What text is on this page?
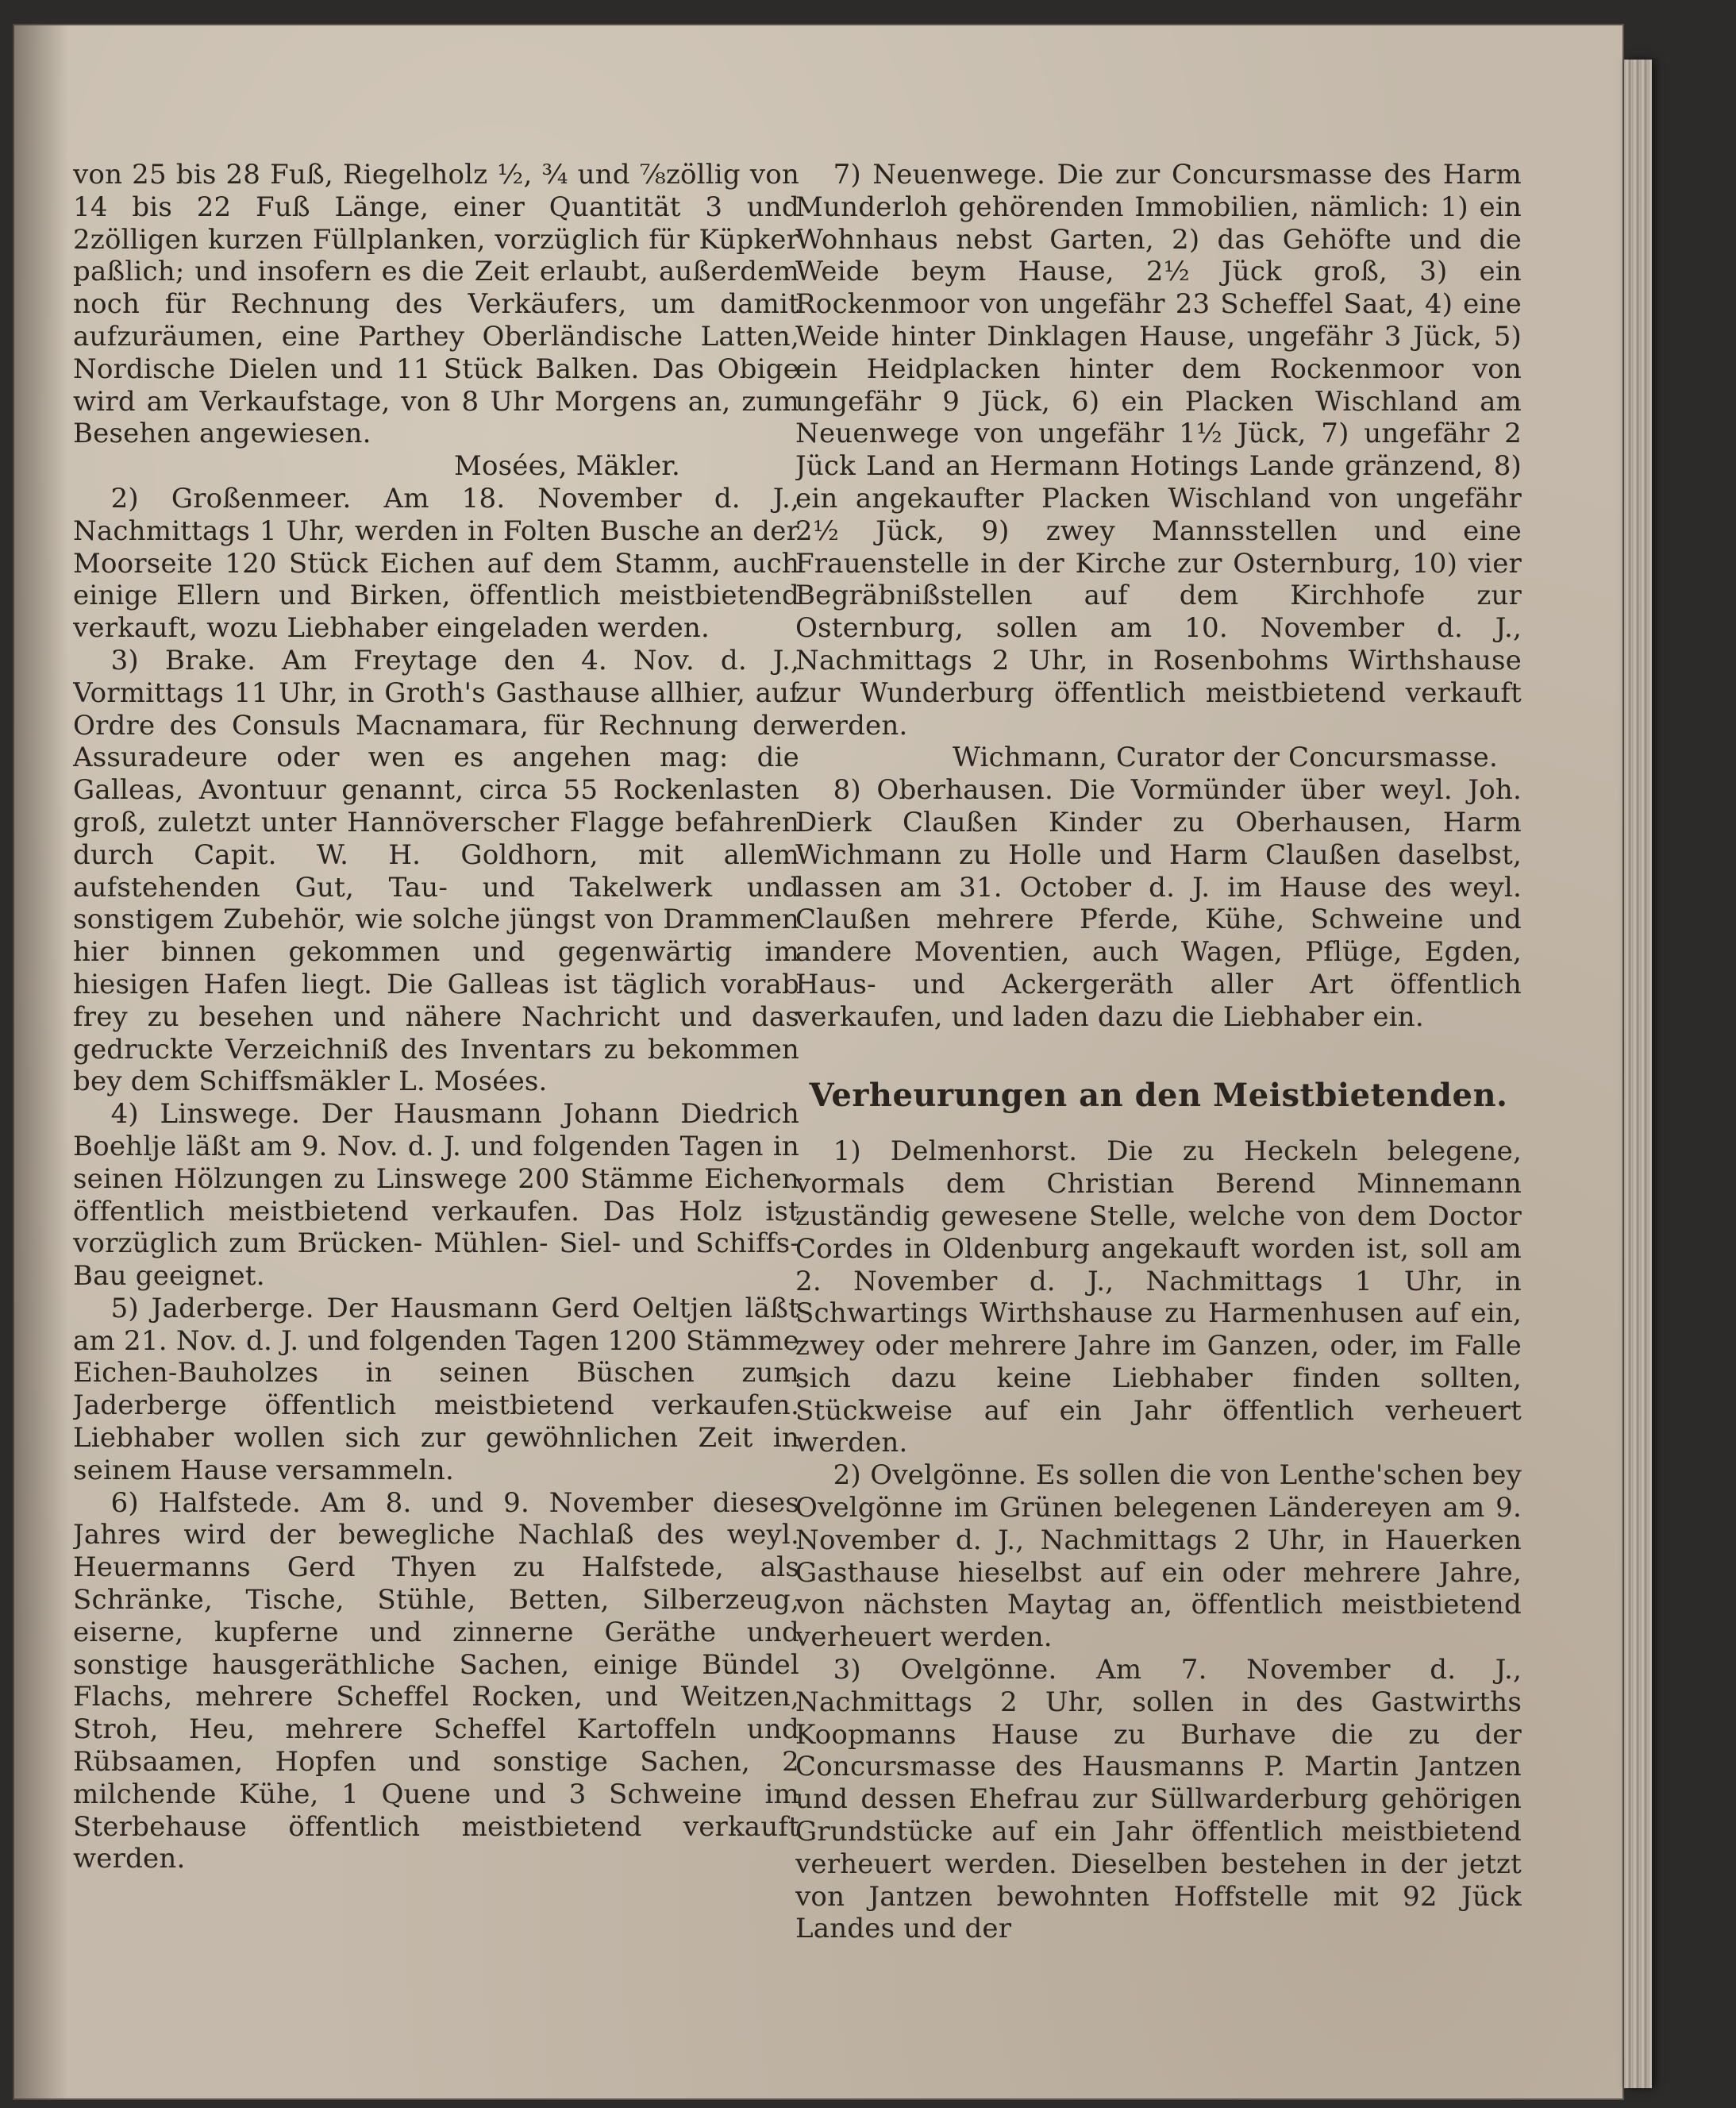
von 25 bis 28 Fuß, Riegelholz ½, ¾ und ⅞zöllig von 14 bis 22 Fuß Länge, einer Quantität 3 und 2zölligen kurzen Füllplanken, vorzüglich für Küpker paßlich; und insofern es die Zeit erlaubt, außerdem noch für Rechnung des Verkäufers, um damit aufzuräumen, eine Parthey Oberländische Latten, Nordische Dielen und 11 Stück Balken. Das Obige wird am Verkaufstage, von 8 Uhr Morgens an, zum Besehen angewiesen.

Mosées, Mäkler.

2) Großenmeer. Am 18. November d. J., Nachmittags 1 Uhr, werden in Folten Busche an der Moorseite 120 Stück Eichen auf dem Stamm, auch einige Ellern und Birken, öffentlich meistbietend verkauft, wozu Liebhaber eingeladen werden.

3) Brake. Am Freytage den 4. Nov. d. J., Vormittags 11 Uhr, in Groth's Gasthause allhier, auf Ordre des Consuls Macnamara, für Rechnung der Assuradeure oder wen es angehen mag: die Galleas, Avontuur genannt, circa 55 Rockenlasten groß, zuletzt unter Hannöverscher Flagge befahren durch Capit. W. H. Goldhorn, mit allem aufstehenden Gut, Tau- und Takelwerk und sonstigem Zubehör, wie solche jüngst von Drammen hier binnen gekommen und gegenwärtig im hiesigen Hafen liegt. Die Galleas ist täglich vorab frey zu besehen und nähere Nachricht und das gedruckte Verzeichniß des Inventars zu bekommen bey dem Schiffsmäkler L. Mosées.

4) Linswege. Der Hausmann Johann Diedrich Boehlje läßt am 9. Nov. d. J. und folgenden Tagen in seinen Hölzungen zu Linswege 200 Stämme Eichen öffentlich meistbietend verkaufen. Das Holz ist vorzüglich zum Brücken- Mühlen- Siel- und Schiffs-Bau geeignet.

5) Jaderberge. Der Hausmann Gerd Oeltjen läßt am 21. Nov. d. J. und folgenden Tagen 1200 Stämme Eichen-Bauholzes in seinen Büschen zum Jaderberge öffentlich meistbietend verkaufen. Liebhaber wollen sich zur gewöhnlichen Zeit in seinem Hause versammeln.

6) Halfstede. Am 8. und 9. November dieses Jahres wird der bewegliche Nachlaß des weyl. Heuermanns Gerd Thyen zu Halfstede, als Schränke, Tische, Stühle, Betten, Silberzeug, eiserne, kupferne und zinnerne Geräthe und sonstige hausgeräthliche Sachen, einige Bündel Flachs, mehrere Scheffel Rocken, und Weitzen, Stroh, Heu, mehrere Scheffel Kartoffeln und Rübsaamen, Hopfen und sonstige Sachen, 2 milchende Kühe, 1 Quene und 3 Schweine im Sterbehause öffentlich meistbietend verkauft werden.

7) Neuenwege. Die zur Concursmasse des Harm Munderloh gehörenden Immobilien, nämlich: 1) ein Wohnhaus nebst Garten, 2) das Gehöfte und die Weide beym Hause, 2½ Jück groß, 3) ein Rockenmoor von ungefähr 23 Scheffel Saat, 4) eine Weide hinter Dinklagen Hause, ungefähr 3 Jück, 5) ein Heidplacken hinter dem Rockenmoor von ungefähr 9 Jück, 6) ein Placken Wischland am Neuenwege von ungefähr 1½ Jück, 7) ungefähr 2 Jück Land an Hermann Hotings Lande gränzend, 8) ein angekaufter Placken Wischland von ungefähr 2½ Jück, 9) zwey Mannsstellen und eine Frauenstelle in der Kirche zur Osternburg, 10) vier Begräbnißstellen auf dem Kirchhofe zur Osternburg, sollen am 10. November d. J., Nachmittags 2 Uhr, in Rosenbohms Wirthshause zur Wunderburg öffentlich meistbietend verkauft werden.

Wichmann, Curator der Concursmasse.

8) Oberhausen. Die Vormünder über weyl. Joh. Dierk Claußen Kinder zu Oberhausen, Harm Wichmann zu Holle und Harm Claußen daselbst, lassen am 31. October d. J. im Hause des weyl. Claußen mehrere Pferde, Kühe, Schweine und andere Moventien, auch Wagen, Pflüge, Egden, Haus- und Ackergeräth aller Art öffentlich verkaufen, und laden dazu die Liebhaber ein.

Verheurungen an den Meistbietenden.

1) Delmenhorst. Die zu Heckeln belegene, vormals dem Christian Berend Minnemann zuständig gewesene Stelle, welche von dem Doctor Cordes in Oldenburg angekauft worden ist, soll am 2. November d. J., Nachmittags 1 Uhr, in Schwartings Wirthshause zu Harmenhusen auf ein, zwey oder mehrere Jahre im Ganzen, oder, im Falle sich dazu keine Liebhaber finden sollten, Stückweise auf ein Jahr öffentlich verheuert werden.

2) Ovelgönne. Es sollen die von Lenthe'schen bey Ovelgönne im Grünen belegenen Ländereyen am 9. November d. J., Nachmittags 2 Uhr, in Hauerken Gasthause hieselbst auf ein oder mehrere Jahre, von nächsten Maytag an, öffentlich meistbietend verheuert werden.

3) Ovelgönne. Am 7. November d. J., Nachmittags 2 Uhr, sollen in des Gastwirths Koopmanns Hause zu Burhave die zu der Concursmasse des Hausmanns P. Martin Jantzen und dessen Ehefrau zur Süllwarderburg gehörigen Grundstücke auf ein Jahr öffentlich meistbietend verheuert werden. Dieselben bestehen in der jetzt von Jantzen bewohnten Hoffstelle mit 92 Jück Landes und der
